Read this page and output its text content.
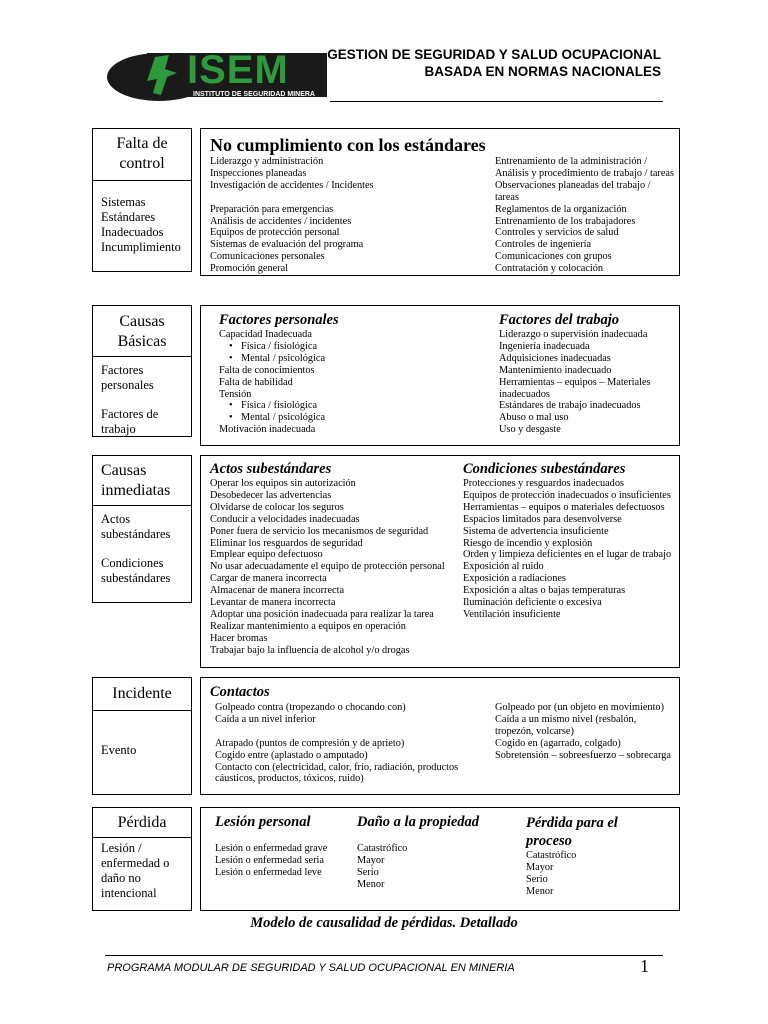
ISEM
INSTITUTO DE SEGURIDAD MINERA
GESTION DE SEGURIDAD Y SALUD OCUPACIONAL
BASADA EN NORMAS NACIONALES
Falta de control
Sistemas
Estándares
Inadecuados
Incumplimiento
No cumplimiento con los estándares
Liderazgo y administración
Inspecciones planeadas
Investigación de accidentes / Incidentes
Preparación para emergencias
Análisis de accidentes / incidentes
Equipos de protección personal
Sistemas de evaluación del programa
Comunicaciones personales
Promoción general
Entrenamiento de la administración /
Análisis y procedimiento de trabajo / tareas
Observaciones planeadas del trabajo /
tareas
Reglamentos de la organización
Entrenamiento de los trabajadores
Controles y servicios de salud
Controles de ingeniería
Comunicaciones con grupos
Contratación y colocación
Causas Básicas
Factores personales
Factores de trabajo
Factores personales
Capacidad Inadecuada
• Física / fisiológica
• Mental / psicológica
Falta de conocimientos
Falta de habilidad
Tensión
• Física / fisiológica
• Mental / psicológica
Motivación inadecuada
Factores del trabajo
Liderazgo o supervisión inadecuada
Ingeniería inadecuada
Adquisiciones inadecuadas
Mantenimiento inadecuado
Herramientas – equipos – Materiales
inadecuados
Estándares de trabajo inadecuados
Abuso o mal uso
Uso y desgaste
Causas inmediatas
Actos subestándares
Condiciones subestándares
Actos subestándares
Operar los equipos sin autorización
Desobedecer las advertencias
Olvidarse de colocar los seguros
Conducir a velocidades inadecuadas
Poner fuera de servicio los mecanismos de seguridad
Eliminar los resguardos de seguridad
Emplear equipo defectuoso
No usar adecuadamente el equipo de protección personal
Cargar de manera incorrecta
Almacenar de manera incorrecta
Levantar de manera incorrecta
Adoptar una posición inadecuada para realizar la tarea
Realizar mantenimiento a equipos en operación
Hacer bromas
Trabajar bajo la influencia de alcohol y/o drogas
Condiciones subestándares
Protecciones y resguardos inadecuados
Equipos de protección inadecuados o insuficientes
Herramientas – equipos o materiales defectuosos
Espacios limitados para desenvolverse
Sistema de advertencia insuficiente
Riesgo de incendio y explosión
Orden y limpieza deficientes en el lugar de trabajo
Exposición al ruido
Exposición a radiaciones
Exposición a altas o bajas temperaturas
Iluminación deficiente o excesiva
Ventilación insuficiente
Incidente
Evento
Contactos
Golpeado contra (tropezando o chocando con)
Caída a un nivel inferior
Atrapado (puntos de compresión y de aprieto)
Cogido entre (aplastado o amputado)
Contacto con (electricidad, calor, frío, radiación, productos
cáusticos, productos, tóxicos, ruido)
Golpeado por (un objeto en movimiento)
Caída a un mismo nivel (resbalón,
tropezón, volcarse)
Cogido en (agarrado, colgado)
Sobretensión – sobreesfuerzo – sobrecarga
Pérdida
Lesión /
enfermedad o
daño no
intencional
Lesión personal
Lesión o enfermedad grave
Lesión o enfermedad seria
Lesión o enfermedad leve
Daño a la propiedad
Catastrófico
Mayor
Serio
Menor
Pérdida para el
proceso
Catastrófico
Mayor
Serio
Menor
Modelo de causalidad de pérdidas. Detallado
PROGRAMA MODULAR DE SEGURIDAD Y SALUD OCUPACIONAL EN MINERIA	1
